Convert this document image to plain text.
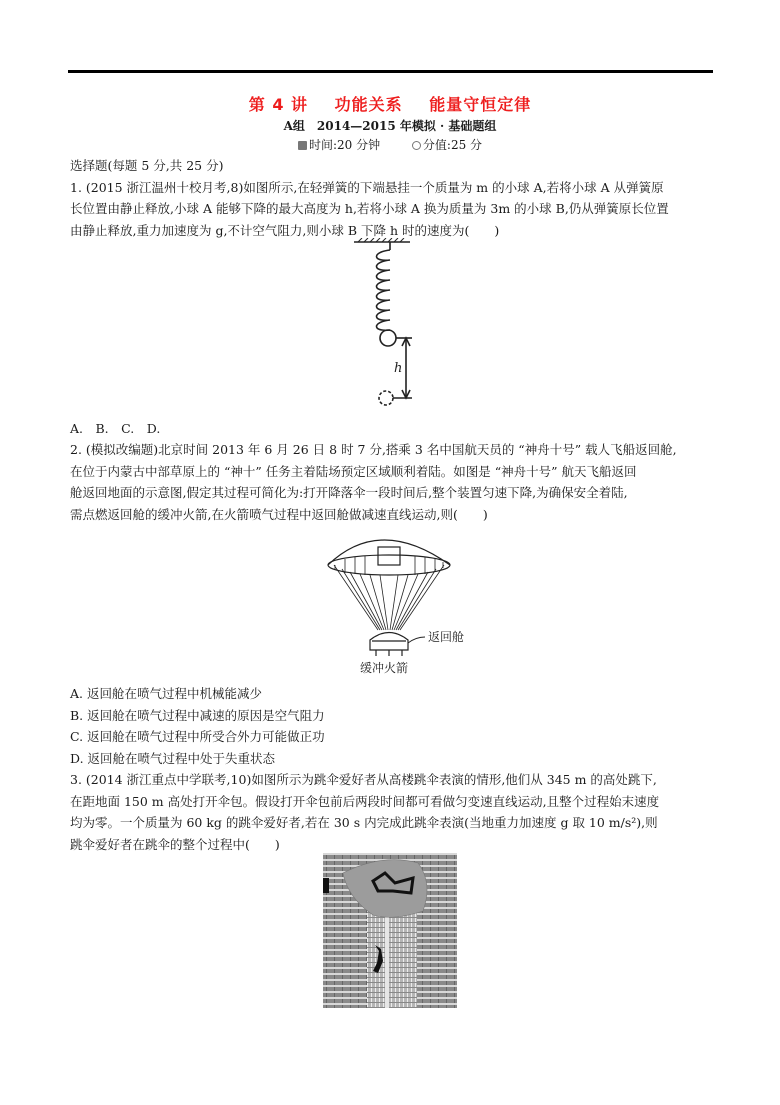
第 4 讲 功能关系 能量守恒定律
A组　2014—2015 年模拟 · 基础题组
时间:20 分钟	分值:25 分
选择题(每题 5 分,共 25 分)
1. (2015 浙江温州十校月考,8)如图所示,在轻弹簧的下端悬挂一个质量为 m 的小球 A,若将小球 A 从弹簧原
长位置由静止释放,小球 A 能够下降的最大高度为 h,若将小球 A 换为质量为 3m 的小球 B,仍从弹簧原长位置
由静止释放,重力加速度为 g,不计空气阻力,则小球 B 下降 h 时的速度为(　　)
h
A.　B.　C.　D.
2. (模拟改编题)北京时间 2013 年 6 月 26 日 8 时 7 分,搭乘 3 名中国航天员的 “神舟十号” 载人飞船返回舱,
在位于内蒙古中部草原上的 “神十” 任务主着陆场预定区域顺利着陆。如图是 “神舟十号” 航天飞船返回
舱返回地面的示意图,假定其过程可简化为:打开降落伞一段时间后,整个装置匀速下降,为确保安全着陆,
需点燃返回舱的缓冲火箭,在火箭喷气过程中返回舱做减速直线运动,则(　　)
返回舱
缓冲火箭
A. 返回舱在喷气过程中机械能减少
B. 返回舱在喷气过程中减速的原因是空气阻力
C. 返回舱在喷气过程中所受合外力可能做正功
D. 返回舱在喷气过程中处于失重状态
3. (2014 浙江重点中学联考,10)如图所示为跳伞爱好者从高楼跳伞表演的情形,他们从 345 m 的高处跳下,
在距地面 150 m 高处打开伞包。假设打开伞包前后两段时间都可看做匀变速直线运动,且整个过程始末速度
均为零。一个质量为 60 kg 的跳伞爱好者,若在 30 s 内完成此跳伞表演(当地重力加速度 g 取 10 m/s²),则
跳伞爱好者在跳伞的整个过程中(　　)
